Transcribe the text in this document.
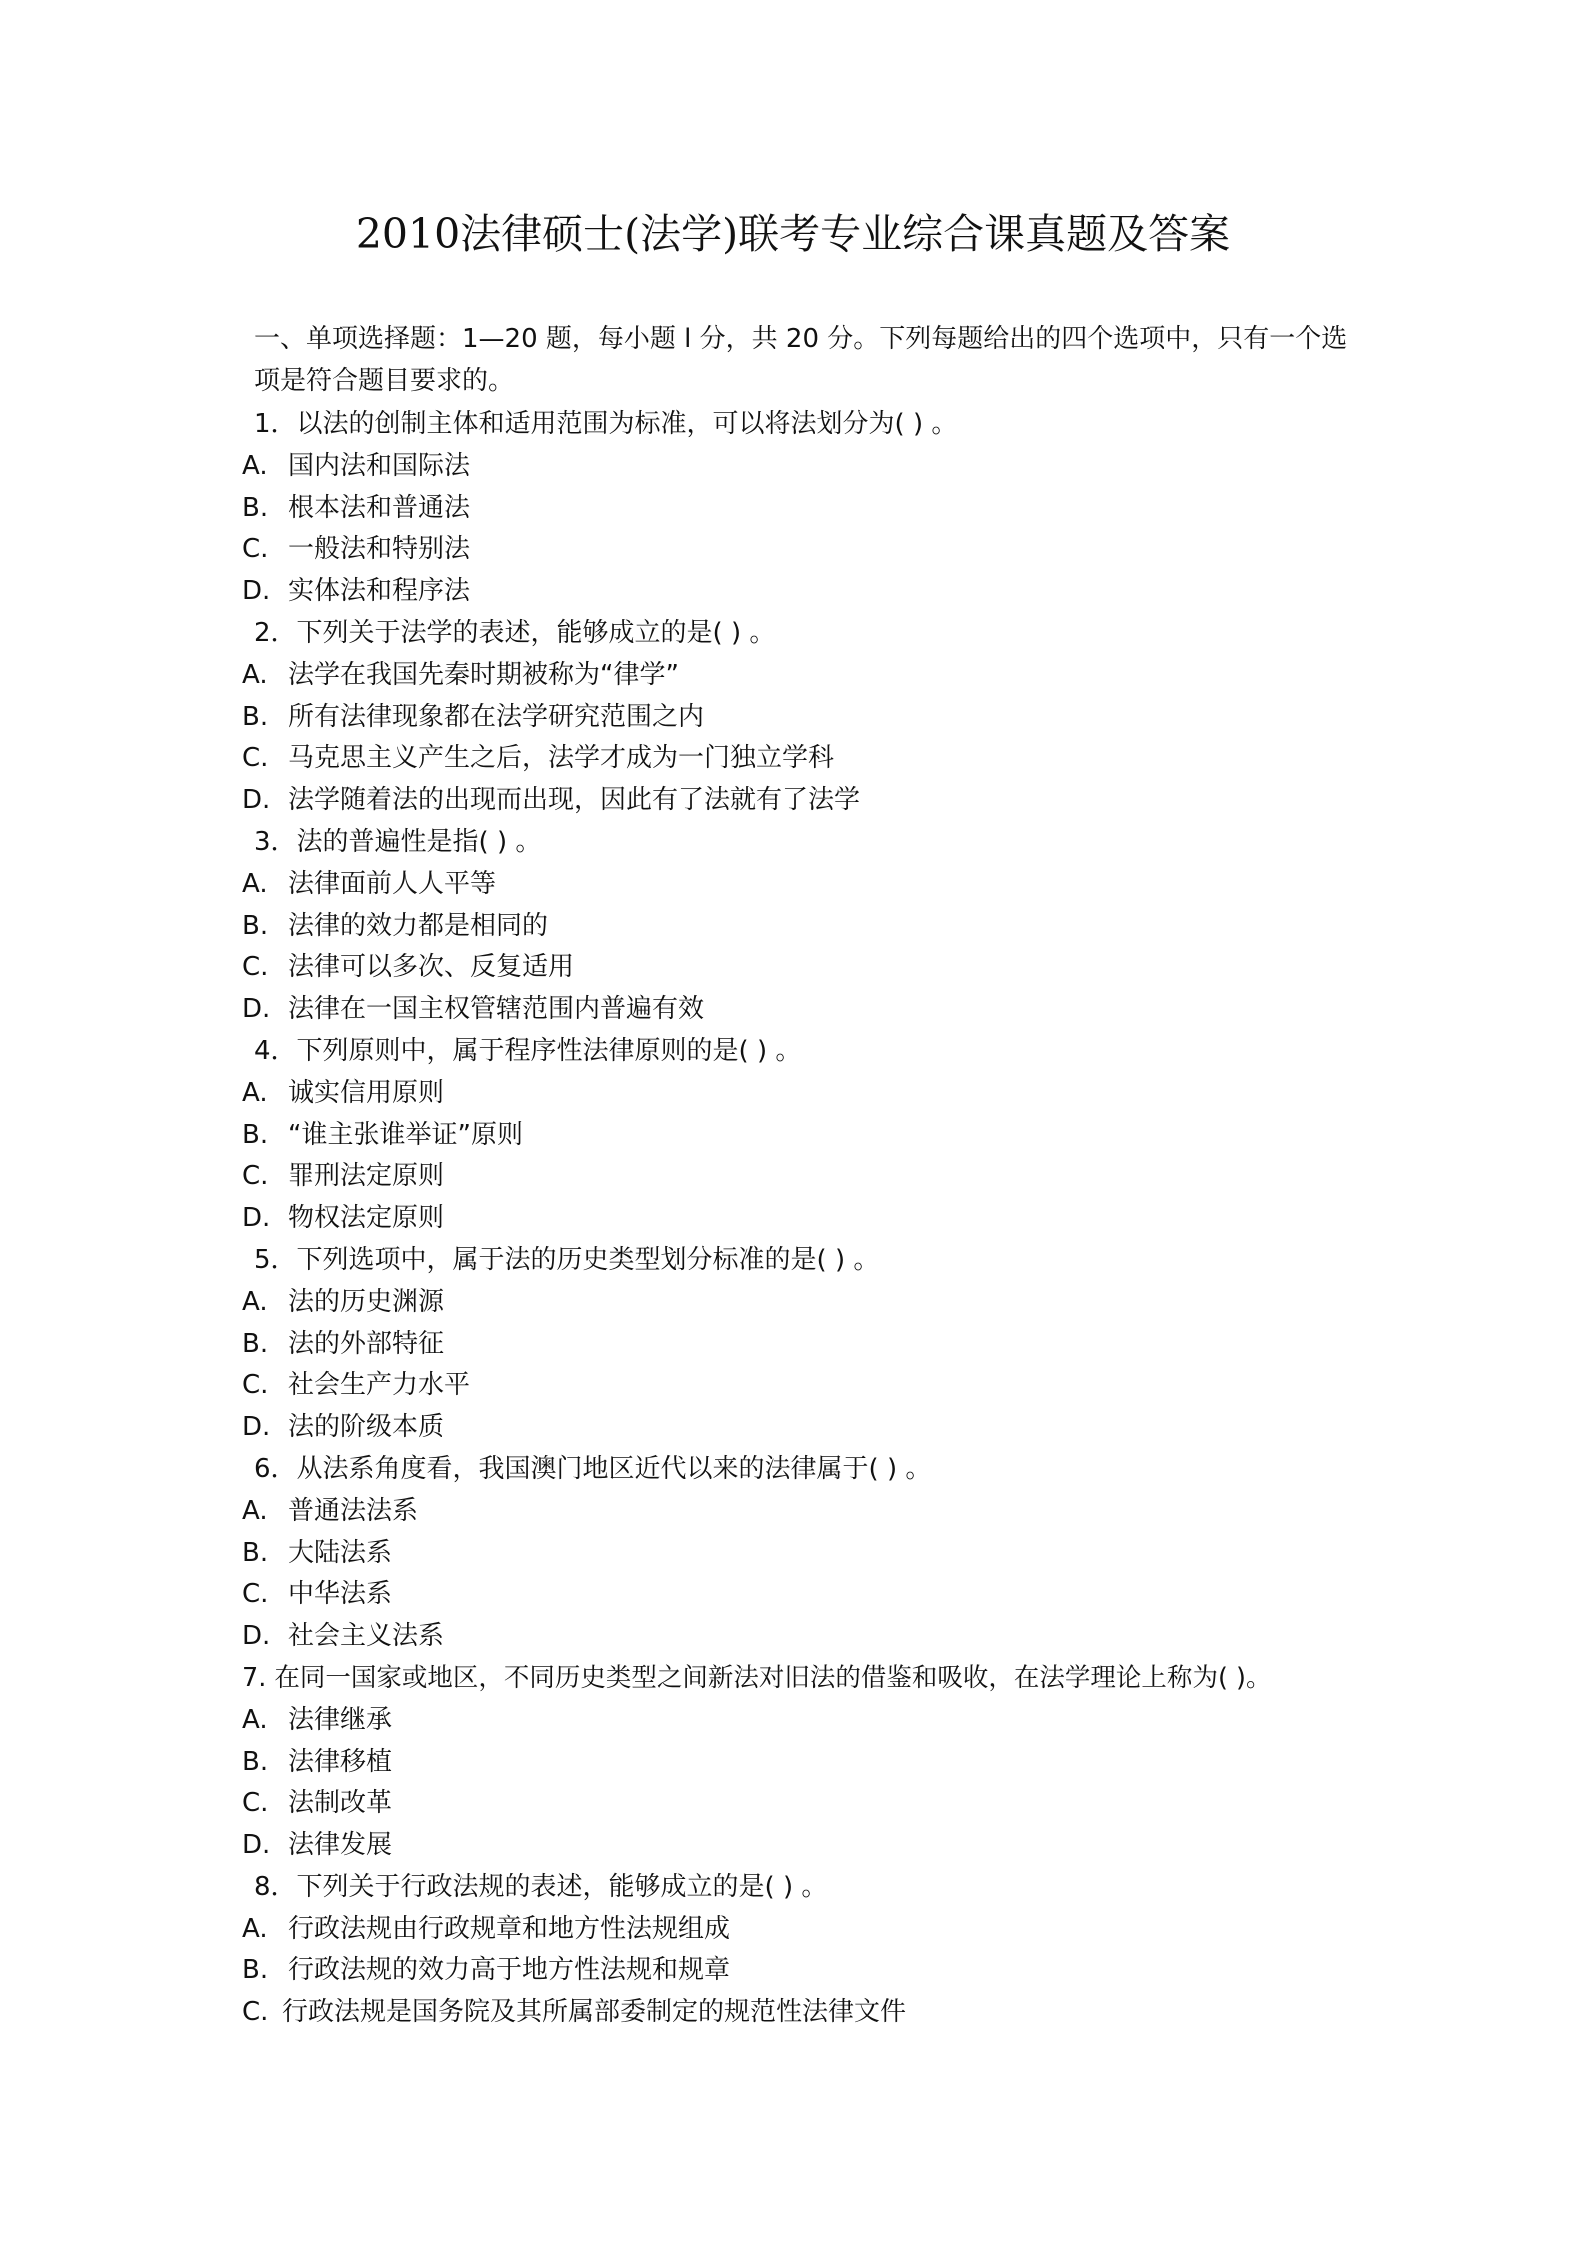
2010法律硕士(法学)联考专业综合课真题及答案

一、单项选择题：1—20 题，每小题 l 分，共 20 分。下列每题给出的四个选项中，只有一个选项是符合题目要求的。

1．以法的创制主体和适用范围为标准，可以将法划分为( ) 。
A. 国内法和国际法
B. 根本法和普通法
C. 一般法和特别法
D. 实体法和程序法
2．下列关于法学的表述，能够成立的是( ) 。
A. 法学在我国先秦时期被称为“律学”
B. 所有法律现象都在法学研究范围之内
C. 马克思主义产生之后，法学才成为一门独立学科
D. 法学随着法的出现而出现，因此有了法就有了法学
3．法的普遍性是指( ) 。
A. 法律面前人人平等
B. 法律的效力都是相同的
C. 法律可以多次、反复适用
D. 法律在一国主权管辖范围内普遍有效
4．下列原则中，属于程序性法律原则的是( ) 。
A. 诚实信用原则
B. “谁主张谁举证”原则
C. 罪刑法定原则
D. 物权法定原则
5．下列选项中，属于法的历史类型划分标准的是( ) 。
A. 法的历史渊源
B. 法的外部特征
C. 社会生产力水平
D. 法的阶级本质
6．从法系角度看，我国澳门地区近代以来的法律属于( ) 。
A. 普通法法系
B. 大陆法系
C. 中华法系
D. 社会主义法系
7. 在同一国家或地区，不同历史类型之间新法对旧法的借鉴和吸收，在法学理论上称为( )。
A. 法律继承
B. 法律移植
C. 法制改革
D. 法律发展
8．下列关于行政法规的表述，能够成立的是( ) 。
A. 行政法规由行政规章和地方性法规组成
B. 行政法规的效力高于地方性法规和规章
C. 行政法规是国务院及其所属部委制定的规范性法律文件
